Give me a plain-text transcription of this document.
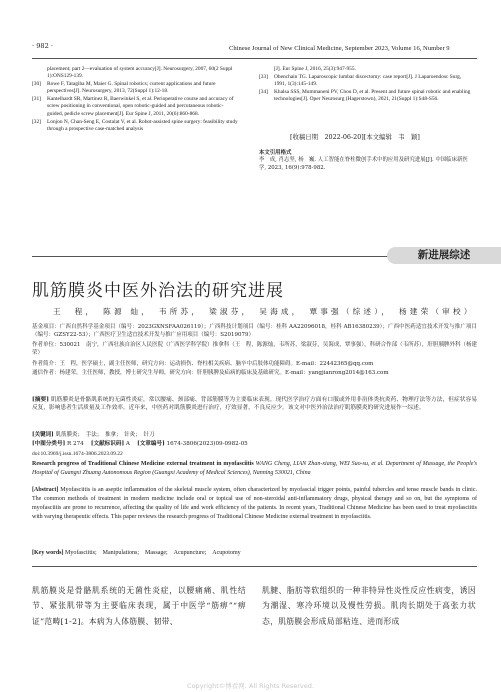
· 982 ·	Chinese Journal of New Clinical Medicine, September 2023, Volume 16, Number 9
placement; part 2—evaluation of system accuracy[J]. Neurosurgery, 2007, 60(2 Suppl 1):ONS129-139.
[30] Rowe F, Tatagiba M, Maier G. Spinal robotics; current applications and future perspectives[J]. Neurosurgery, 2013, 72(Suppl 1):12-18.
[31] Kantelhardt SR, Martinez R, Baerwinkel S, et al. Perioperative course and accuracy of screw positioning in conventional, open robotic-guided and percutaneous robotic-guided, pedicle screw placement[J]. Eur Spine J, 2011, 20(6):860-868.
[32] Lonjon N, Chan-Seng E, Costalat V, et al. Robot-assisted spine surgery: feasibility study through a prospective case-matched analysis
[J]. Eur Spine J, 2016, 25(3):947-955.
[33] Obenchain TG. Laparoscopic lumbar discectomy: case report[J]. J Laparoendosc Surg, 1991, 1(3):145-149.
[34] Khalsa SSS, Mummaneni PV, Chou D, et al. Present and future spinal robotic and enabling technologies[J]. Oper Neurosurg (Hagerstown), 2021, 21(Suppl 1):S48-S56.
[收稿日期　2022-06-20][本文编辑　韦　颖]
本文引用格式
李　成, 肖志坚, 杨　巍. 人工智能在脊柱微创手术中的应用及研究进展[J]. 中国临床新医学, 2023, 16(9):978-982.
新进展综述
肌筋膜炎中医外治法的研究进展
王　程，　陈源 灿，　韦所苏，　梁淑芬，　吴海成，　覃事强（综述），　杨建荣（审校）
基金项目：广西自然科学基金项目（编号：2023GXNSFAA026119）；广西科技计划项目（编号：桂科 AA22096018，桂科 AB16380239）；广西中医药适宜技术开发与推广项目（编号：GZSY22-53）；广西医疗卫生适宜技术开发与推广应用项目（编号：S2019079）
作者单位：530021　南宁，广西壮族自治区人民医院（广西医学科学院）推拿科（王　程，陈源灿，韦所苏，梁淑芬，吴海成，覃事强），科研合作部（韦所苏），肝胆胰脾外科（杨建荣）
作者简介：王　程，医学硕士，副主任医师，研究方向：运动损伤、脊柱相关疾病、脑卒中后肢体功能障碍。E-mail：22442365@qq.com
通信作者：杨建荣，主任医师，教授，博士研究生导师，研究方向：肝胆胰脾及疝病的临床及基础研究。E-mail：yangjianrong2014@163.com
[摘要] 肌筋膜炎是骨骼肌系统的无菌性炎症，常以腰痛、颈部痛、背部筋膜等为主要临床表现。现代医学治疗方面有口服或外用非甾体类抗炎药、物理疗法等方法，但症状容易反复，影响患者生活质量及工作效率。近年来，中医药对肌筋膜炎进行治疗，疗效显著，不良反应少。该文对中医外治法治疗肌筋膜炎的研究进展作一综述。
[关键词] 肌筋膜炎；　手法；　推拿；　针灸；　针刀
[中图分类号] R 274 [文献标识码] A [文章编号] 1674-3806(2023)09-0982-05
doi:10.3969/j.issn.1674-3806.2023.09.22
Research progress of Traditional Chinese Medicine external treatment in myofasciitis WANG Cheng, LIAN Zhan-xiang, WEI Suo-su, et al. Department of Massage, the People's Hospital of Guangxi Zhuang Autonomous Region (Guangxi Academy of Medical Sciences), Nanning 530021, China
[Abstract] Myofasciitis is an aseptic inflammation of the skeletal muscle system, often characterized by myofascial trigger points, painful tubercles and tense muscle bands in clinic. The common methods of treatment in modern medicine include oral or topical use of non-steroidal anti-inflammatory drugs, physical therapy and so on, but the symptoms of myofasciitis are prone to recurrence, affecting the quality of life and work efficiency of the patients. In recent years, Traditional Chinese Medicine has been used to treat myofasciitis with varying therapeutic effects. This paper reviews the research progress of Traditional Chinese Medicine external treatment in myofasciitis.
[Key words] Myofasciitis;　Manipulations;　Massage;　Acupuncture;　Acupotomy
肌筋膜炎是骨骼肌系统的无菌性炎症，以腰痛痛、肌性结节、紧张肌带等为主要临床表现，属于中医学“筋痹”“痹证”范畴[1-2]。本病为人体筋膜、韧带、
肌腱、脂肪等软组织的一种非特异性炎性反应性病变，诱因为潮湿、寒冷环境以及慢性劳损。肌肉长期处于高张力状态，肌筋膜会形成局部粘连、进而形成
Copyright©博看网. All Rights Reserved.
